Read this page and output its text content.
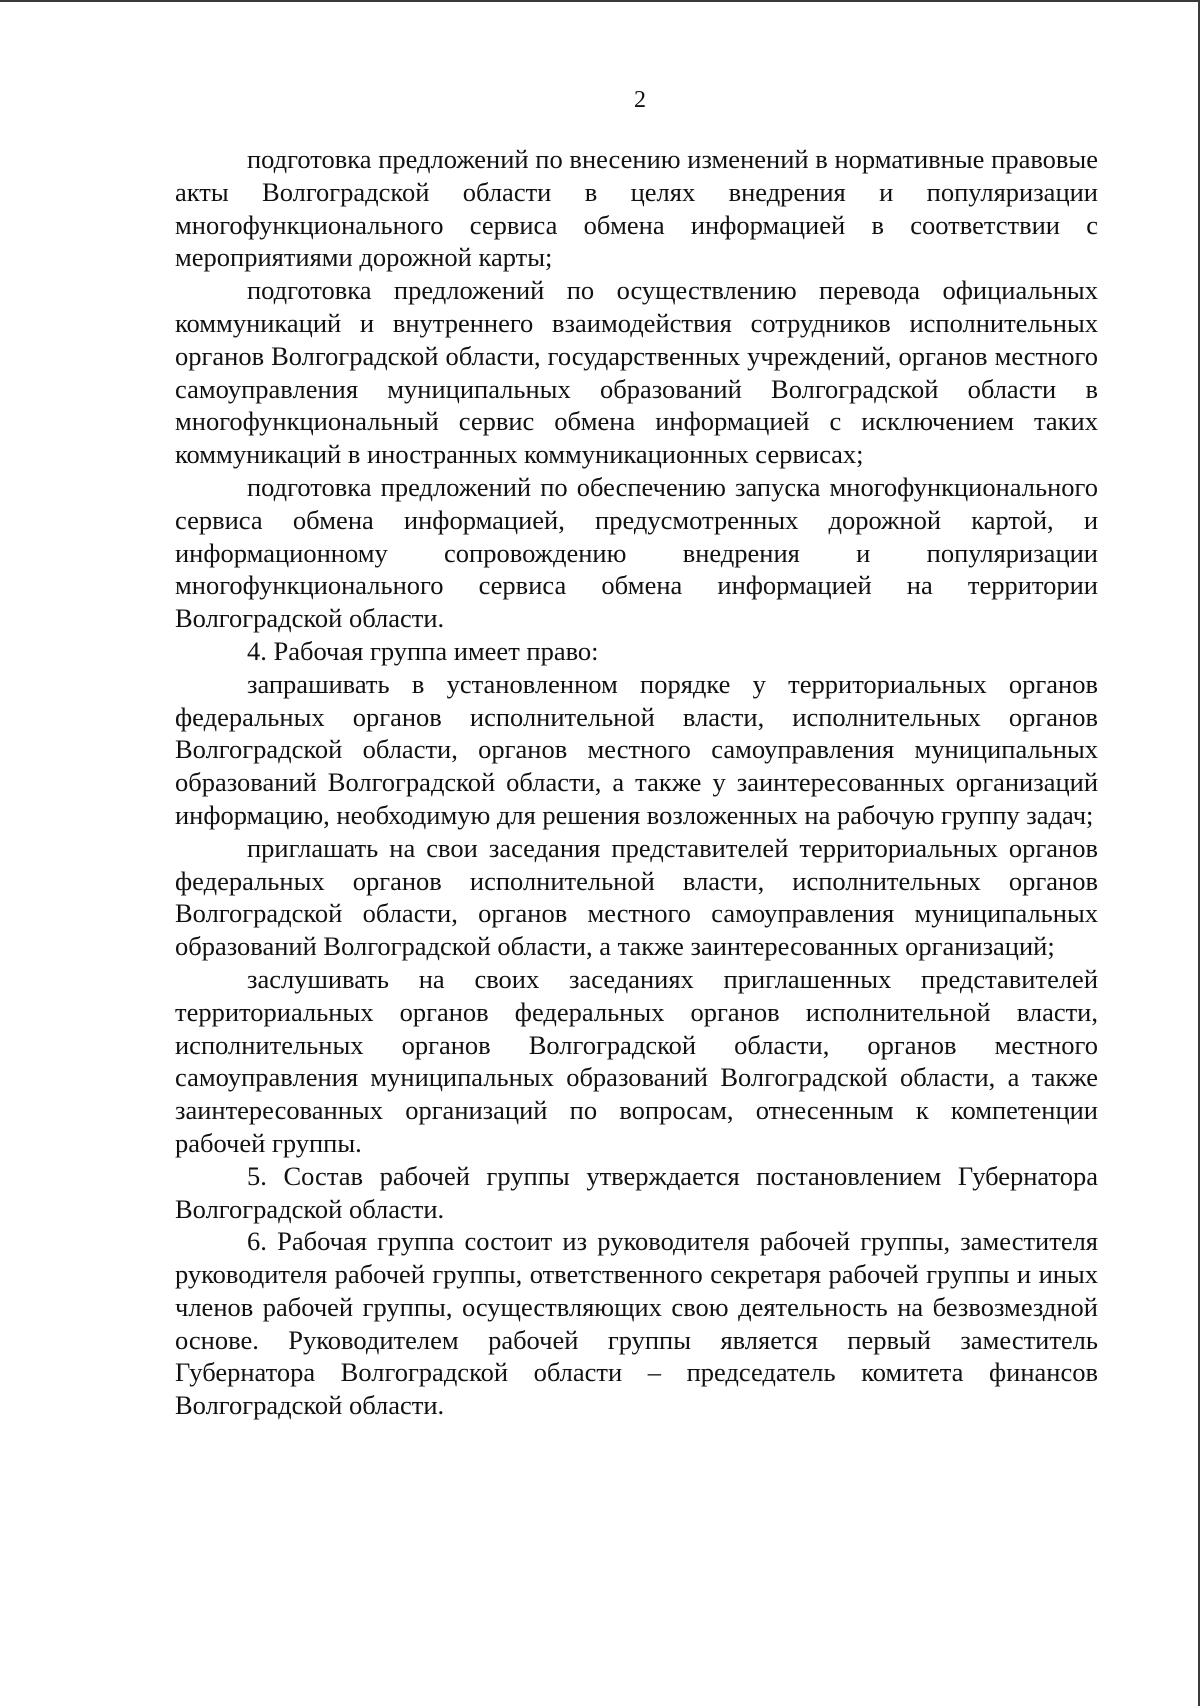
2

подготовка предложений по внесению изменений в нормативные правовые акты Волгоградской области в целях внедрения и популяризации многофункционального сервиса обмена информацией в соответствии с мероприятиями дорожной карты;

подготовка предложений по осуществлению перевода официальных коммуникаций и внутреннего взаимодействия сотрудников исполнительных органов Волгоградской области, государственных учреждений, органов местного самоуправления муниципальных образований Волгоградской области в многофункциональный сервис обмена информацией с исключением таких коммуникаций в иностранных коммуникационных сервисах;

подготовка предложений по обеспечению запуска многофункционального сервиса обмена информацией, предусмотренных дорожной картой, и информационному сопровождению внедрения и популяризации многофункционального сервиса обмена информацией на территории Волгоградской области.

4. Рабочая группа имеет право:

запрашивать в установленном порядке у территориальных органов федеральных органов исполнительной власти, исполнительных органов Волгоградской области, органов местного самоуправления муниципальных образований Волгоградской области, а также у заинтересованных организаций информацию, необходимую для решения возложенных на рабочую группу задач;

приглашать на свои заседания представителей территориальных органов федеральных органов исполнительной власти, исполнительных органов Волгоградской области, органов местного самоуправления муниципальных образований Волгоградской области, а также заинтересованных организаций;

заслушивать на своих заседаниях приглашенных представителей территориальных органов федеральных органов исполнительной власти, исполнительных органов Волгоградской области, органов местного самоуправления муниципальных образований Волгоградской области, а также заинтересованных организаций по вопросам, отнесенным к компетенции рабочей группы.

5. Состав рабочей группы утверждается постановлением Губернатора Волгоградской области.

6. Рабочая группа состоит из руководителя рабочей группы, заместителя руководителя рабочей группы, ответственного секретаря рабочей группы и иных членов рабочей группы, осуществляющих свою деятельность на безвозмездной основе. Руководителем рабочей группы является первый заместитель Губернатора Волгоградской области – председатель комитета финансов Волгоградской области.
